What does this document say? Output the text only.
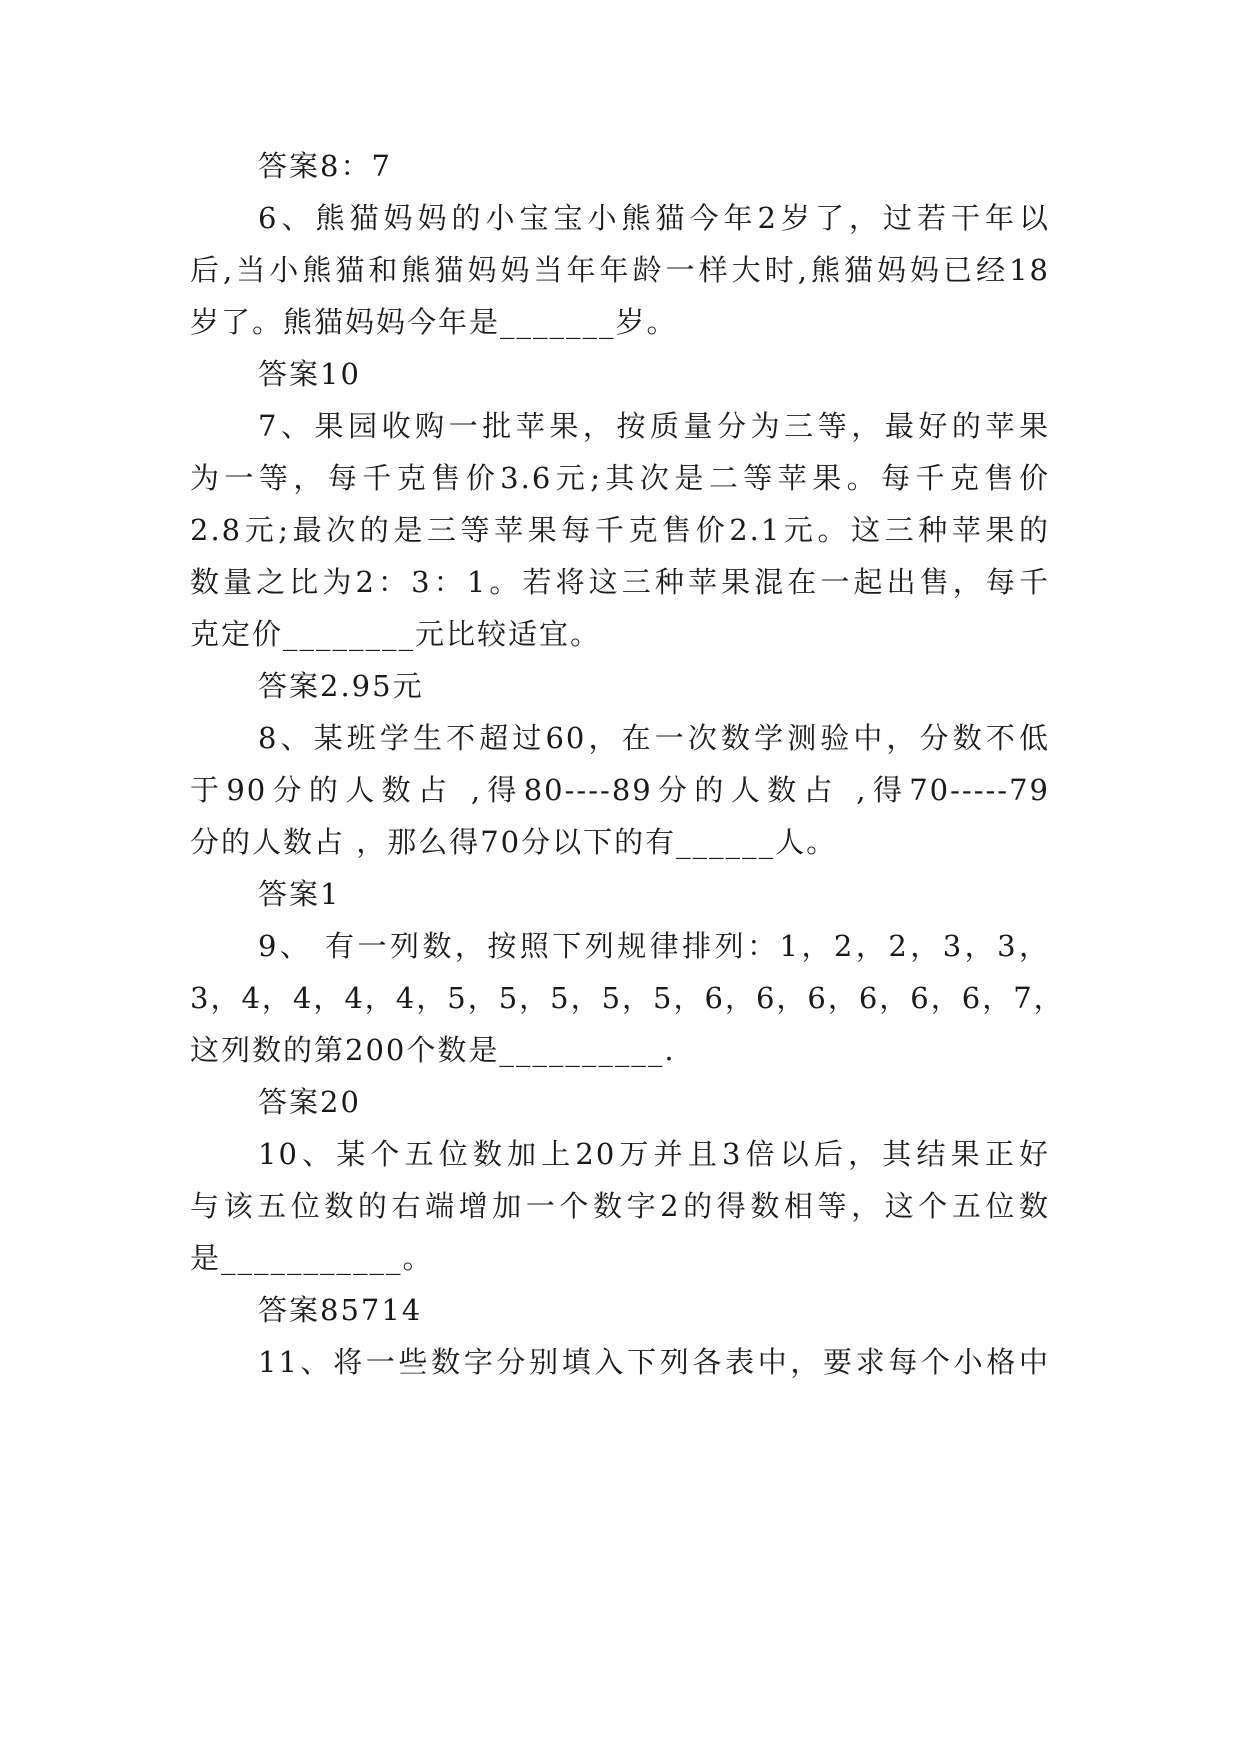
答案8：7
6、熊猫妈妈的小宝宝小熊猫今年2岁了，过若干年以
后,当小熊猫和熊猫妈妈当年年龄一样大时,熊猫妈妈已经18
岁了。熊猫妈妈今年是_______岁。
答案10
7、果园收购一批苹果，按质量分为三等，最好的苹果
为一等，每千克售价3.6元;其次是二等苹果。每千克售价
2.8元;最次的是三等苹果每千克售价2.1元。这三种苹果的
数量之比为2：3：1。若将这三种苹果混在一起出售，每千
克定价________元比较适宜。
答案2.95元
8、某班学生不超过60，在一次数学测验中，分数不低
于90分的人数占 ,得80----89分的人数占 ,得70-----79
分的人数占 ，那么得70分以下的有______人。
答案1
9、 有一列数，按照下列规律排列：1，2，2，3，3，
3，4，4，4，4，5，5，5，5，5，6，6，6，6，6，6，7，
这列数的第200个数是__________.
答案20
10、某个五位数加上20万并且3倍以后，其结果正好
与该五位数的右端增加一个数字2的得数相等，这个五位数
是___________。
答案85714
11、将一些数字分别填入下列各表中，要求每个小格中
